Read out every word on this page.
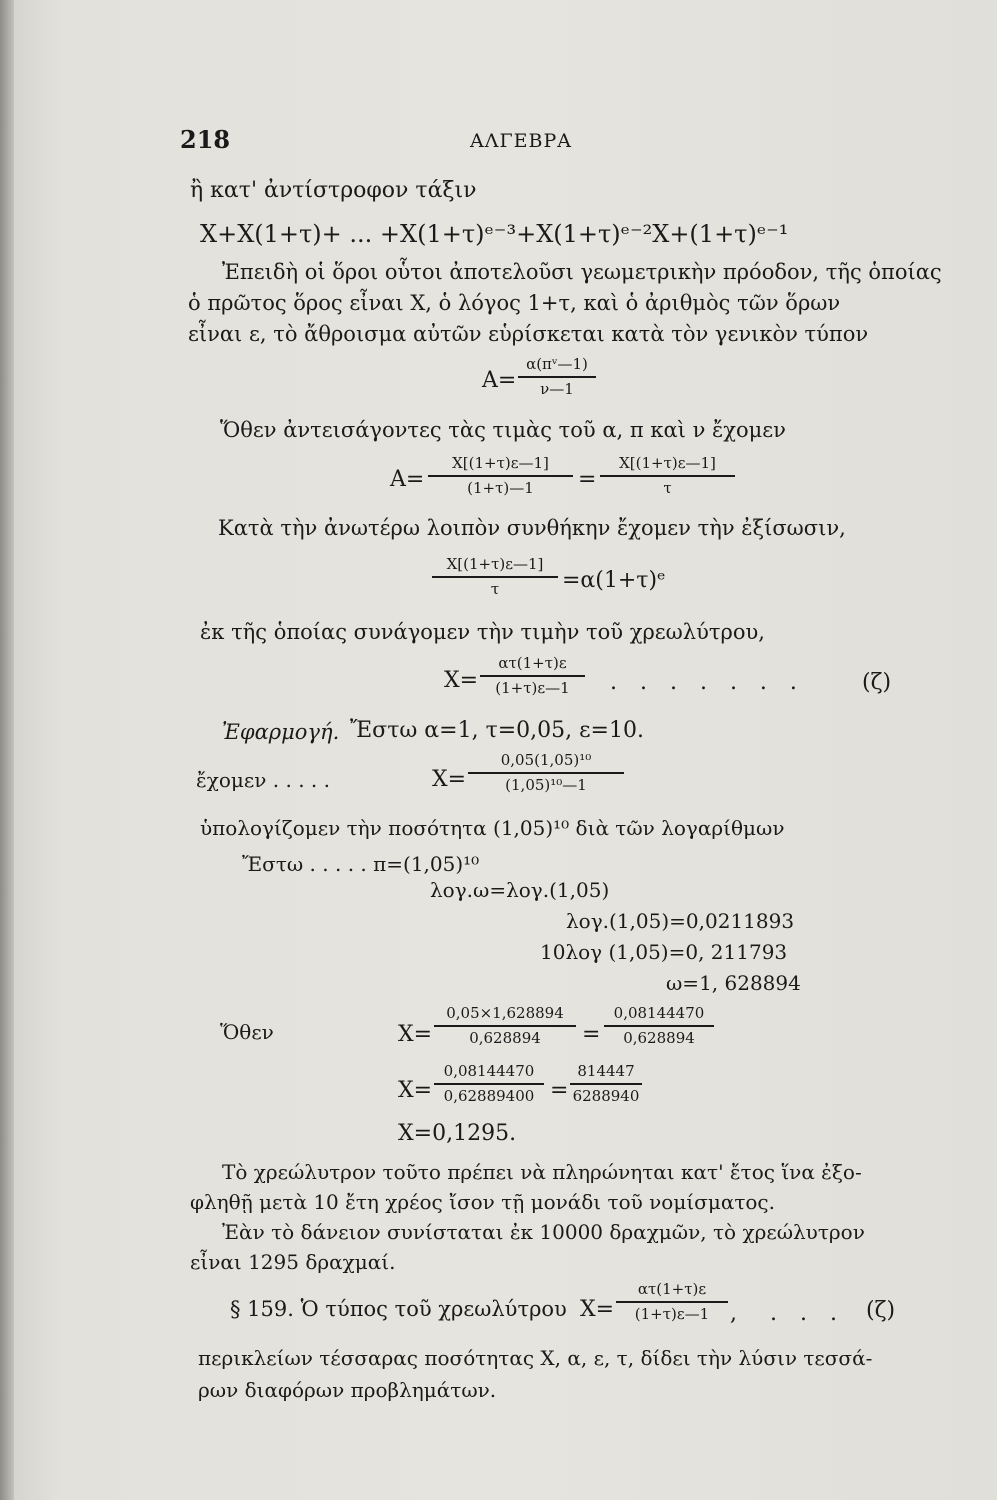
218	ΑΛΓΕΒΡΑ
ἢ κατ' ἀντίστροφον τάξιν
X+X(1+τ)+ ... +X(1+τ)ᵉ⁻³+X(1+τ)ᵉ⁻²X+(1+τ)ᵉ⁻¹
Ἐπειδὴ οἱ ὅροι οὗτοι ἀποτελοῦσι γεωμετρικὴν πρόοδον, τῆς ὁποίας
ὁ πρῶτος ὅρος εἶναι X, ὁ λόγος 1+τ, καὶ ὁ ἀριθμὸς τῶν ὅρων
εἶναι ε, τὸ ἄθροισμα αὐτῶν εὑρίσκεται κατὰ τὸν γενικὸν τύπον
A=
α(πᵛ—1)
ν—1
Ὅθεν ἀντεισάγοντες τὰς τιμὰς τοῦ α, π καὶ ν ἔχομεν
A=
X[(1+τ)ε—1]
(1+τ)—1 =
X[(1+τ)ε—1]
τ
Κατὰ τὴν ἀνωτέρω λοιπὸν συνθήκην ἔχομεν τὴν ἐξίσωσιν,
X[(1+τ)ε—1]
τ	=α(1+τ)ᵉ
ἐκ τῆς ὁποίας συνάγομεν τὴν τιμὴν τοῦ χρεωλύτρου,
X=
ατ(1+τ)ε
(1+τ)ε—1 . . . . . . .	(ζ)
Ἐφαρμογή. Ἔστω α=1, τ=0,05, ε=10.
ἔχομεν . . . . .	X=
0,05(1,05)¹⁰
(1,05)¹⁰—1
ὑπολογίζομεν τὴν ποσότητα (1,05)¹⁰ διὰ τῶν λογαρίθμων
Ἔστω . . . . . π=(1,05)¹⁰
λογ.ω=λογ.(1,05)
λογ.(1,05)=0,0211893
10λογ (1,05)=0, 211793
ω=1, 628894
Ὅθεν	X=
0,05×1,628894
0,628894 =
0,08144470
0,628894
X=
0,08144470
0,62889400 =
814447
6288940
X=0,1295.
Τὸ χρεώλυτρον τοῦτο πρέπει νὰ πληρώνηται κατ' ἔτος ἵνα ἐξο-
φληθῇ μετὰ 10 ἔτη χρέος ἴσον τῇ μονάδι τοῦ νομίσματος.
Ἐὰν τὸ δάνειον συνίσταται ἐκ 10000 δραχμῶν, τὸ χρεώλυτρον
εἶναι 1295 δραχμαί.
§ 159. Ὁ τύπος τοῦ χρεωλύτρου X=
ατ(1+τ)ε
(1+τ)ε—1 , . . . (ζ)
περικλείων τέσσαρας ποσότητας X, α, ε, τ, δίδει τὴν λύσιν τεσσά-
ρων διαφόρων προβλημάτων.
